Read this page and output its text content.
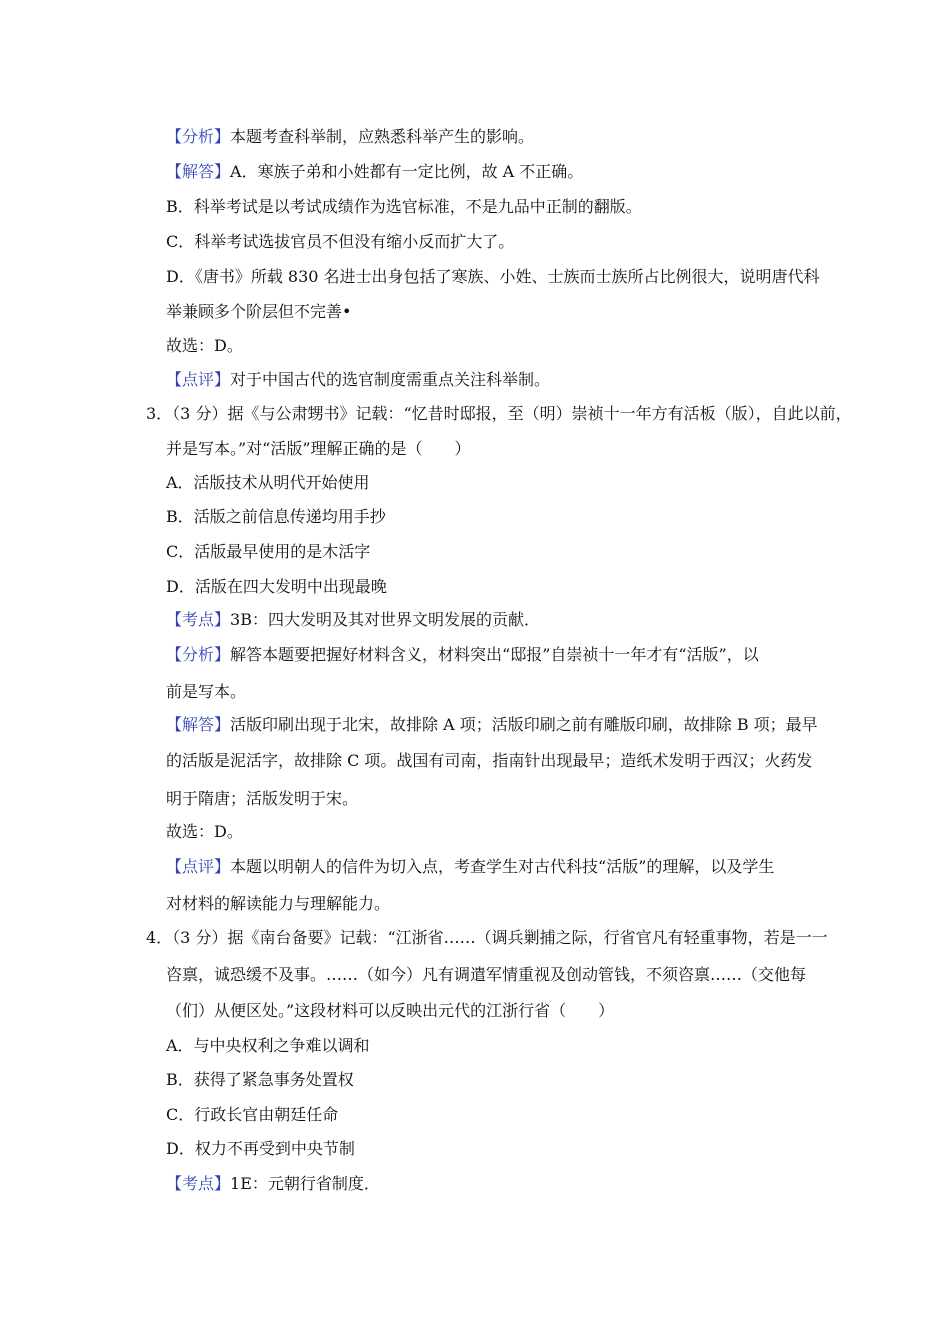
【分析】本题考查科举制，应熟悉科举产生的影响。
【解答】A．寒族子弟和小姓都有一定比例，故 A 不正确。
B．科举考试是以考试成绩作为选官标准，不是九品中正制的翻版。
C．科举考试选拔官员不但没有缩小反而扩大了。
D．《唐书》所载 830 名进士出身包括了寒族、小姓、士族而士族所占比例很大，说明唐代科
举兼顾多个阶层但不完善•
故选：D。
【点评】对于中国古代的选官制度需重点关注科举制。
3．（3 分）据《与公肃甥书》记载：“忆昔时邸报，至（明）崇祯十一年方有活板（版），自此以前，
并是写本。”对“活版”理解正确的是（　　）
A．活版技术从明代开始使用
B．活版之前信息传递均用手抄
C．活版最早使用的是木活字
D．活版在四大发明中出现最晚
【考点】3B：四大发明及其对世界文明发展的贡献．
【分析】解答本题要把握好材料含义，材料突出“邸报”自崇祯十一年才有“活版”，以
前是写本。
【解答】活版印刷出现于北宋，故排除 A 项；活版印刷之前有雕版印刷，故排除 B 项；最早
的活版是泥活字，故排除 C 项。战国有司南，指南针出现最早；造纸术发明于西汉；火药发
明于隋唐；活版发明于宋。
故选：D。
【点评】本题以明朝人的信件为切入点，考查学生对古代科技“活版”的理解，以及学生
对材料的解读能力与理解能力。
4．（3 分）据《南台备要》记载：“江浙省……（调兵剿捕之际，行省官凡有轻重事物，若是一一
咨禀，诚恐缓不及事。……（如今）凡有调遣军情重视及创动管钱，不须咨禀……（交他每
（们）从便区处。”这段材料可以反映出元代的江浙行省（　　）
A．与中央权利之争难以调和
B．获得了紧急事务处置权
C．行政长官由朝廷任命
D．权力不再受到中央节制
【考点】1E：元朝行省制度．
